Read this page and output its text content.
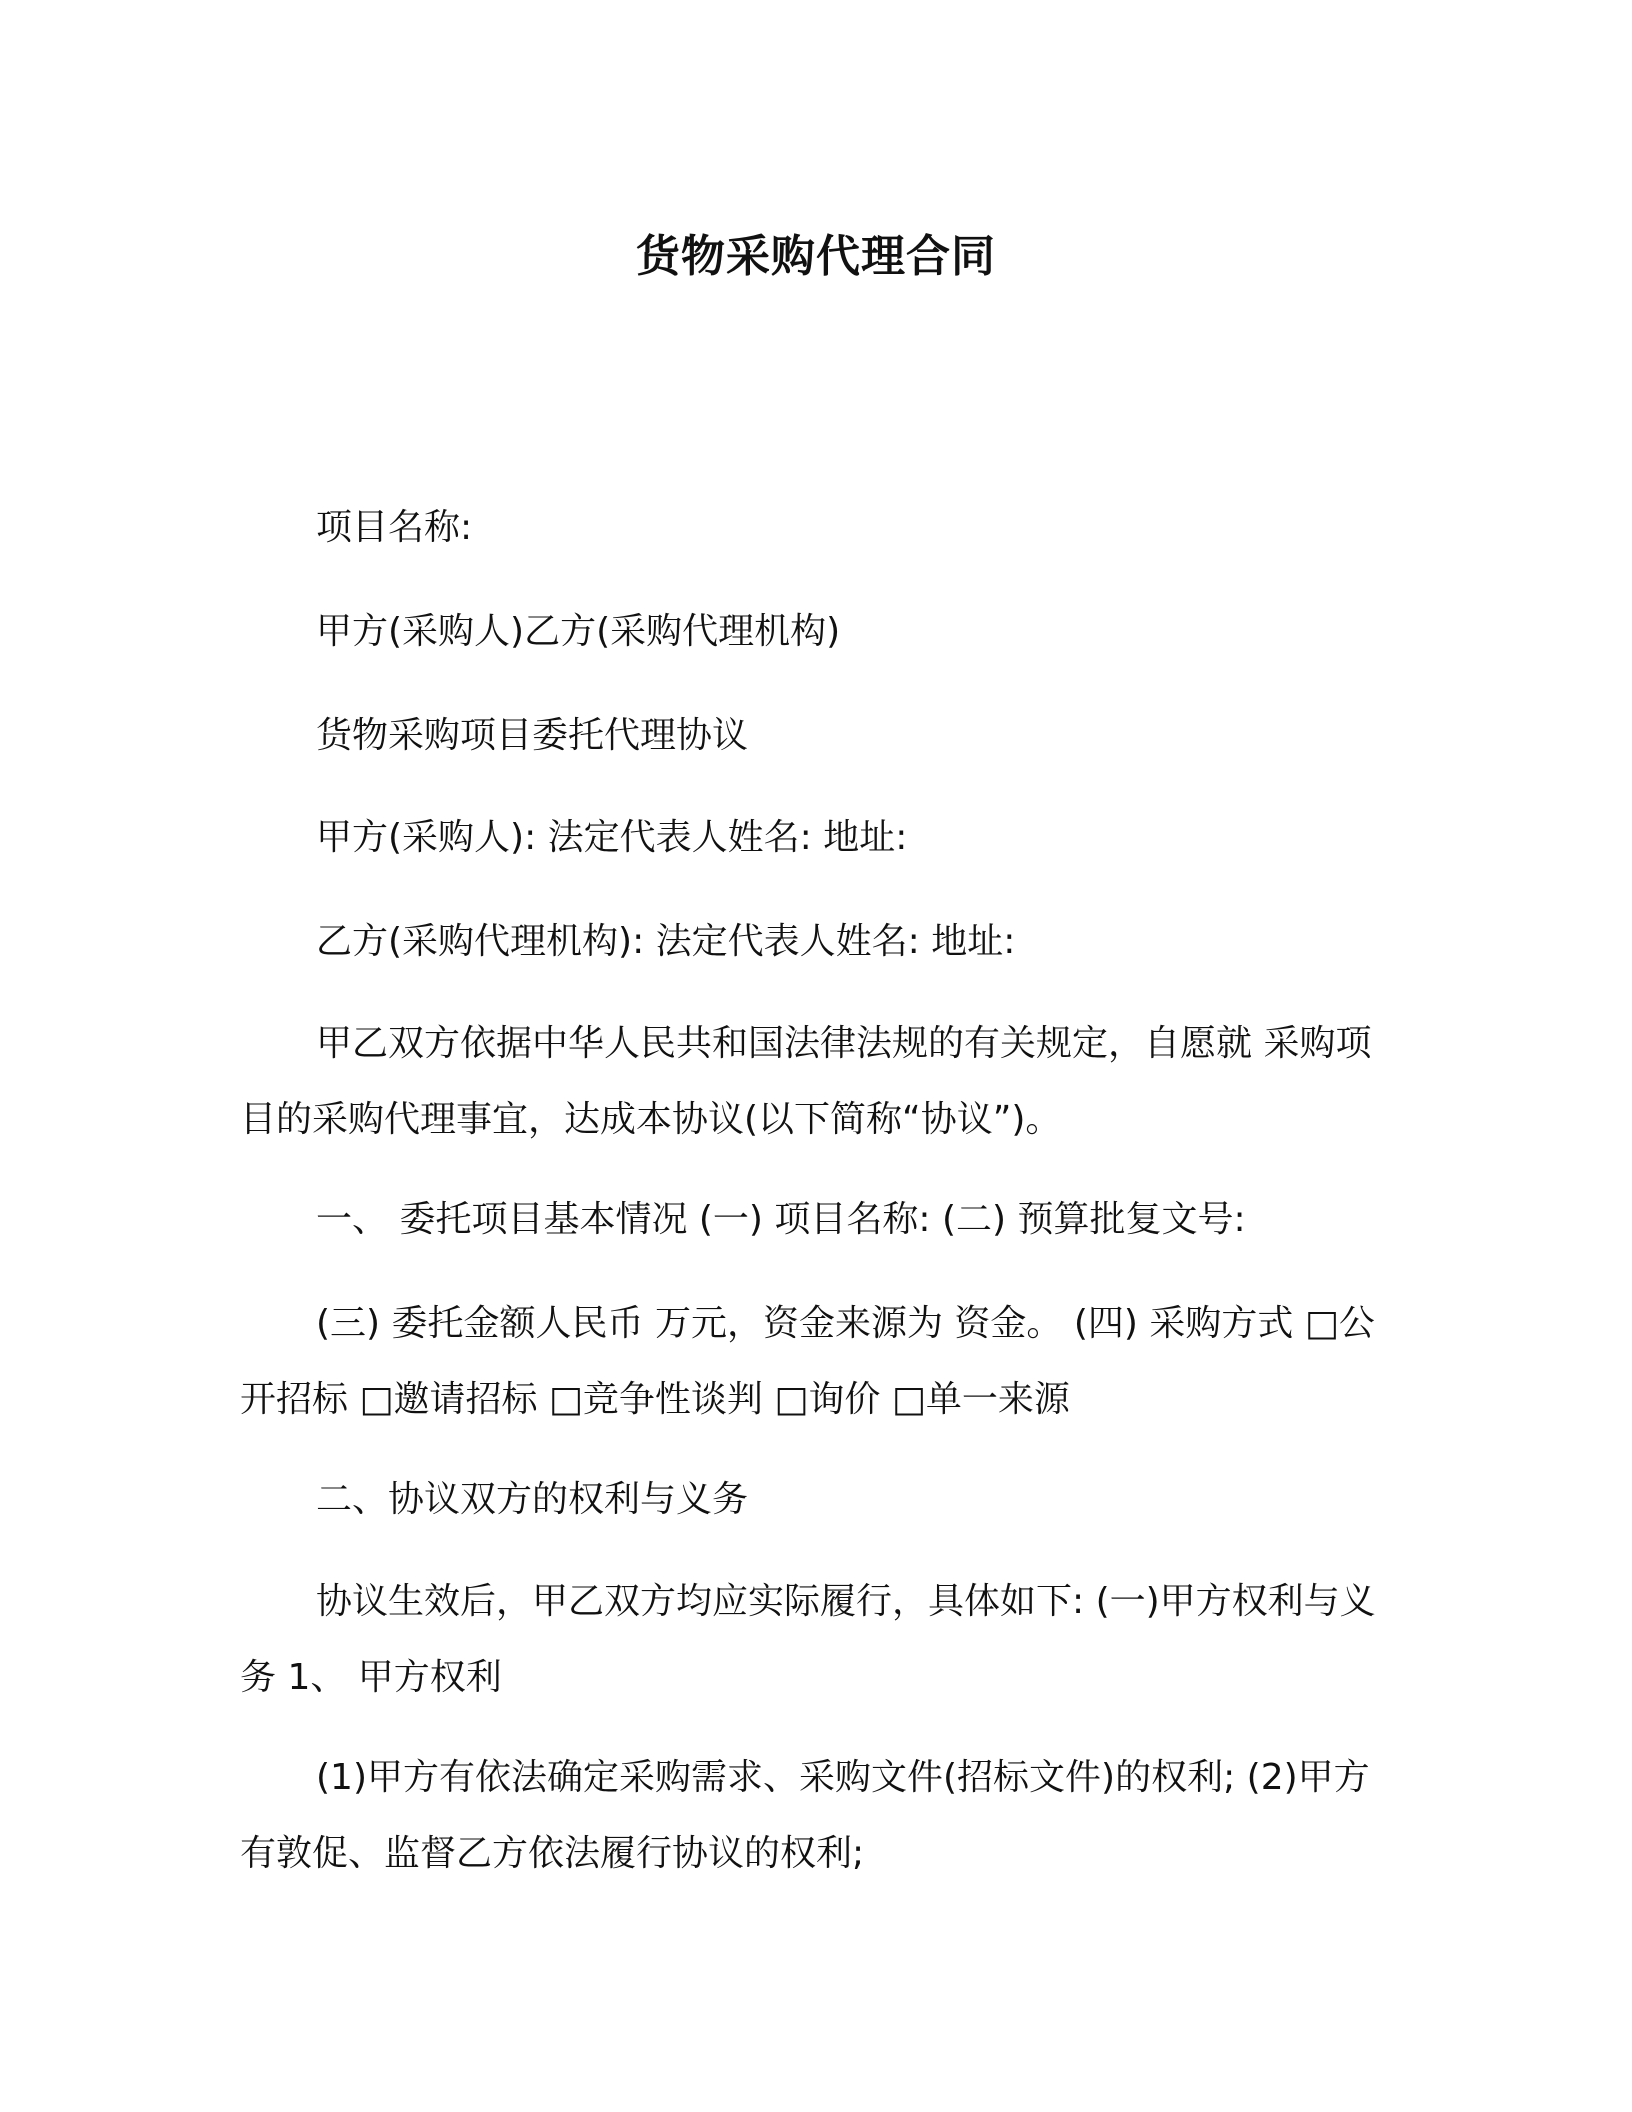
货物采购代理合同

项目名称:

甲方(采购人)乙方(采购代理机构)

货物采购项目委托代理协议

甲方(采购人): 法定代表人姓名: 地址:

乙方(采购代理机构): 法定代表人姓名: 地址:

甲乙双方依据中华人民共和国法律法规的有关规定，自愿就 采购项目的采购代理事宜，达成本协议(以下简称“协议”)。

一、 委托项目基本情况 (一) 项目名称: (二) 预算批复文号:

(三) 委托金额人民币 万元，资金来源为 资金。 (四) 采购方式 □公开招标 □邀请招标 □竞争性谈判 □询价 □单一来源

二、协议双方的权利与义务

协议生效后，甲乙双方均应实际履行，具体如下: (一)甲方权利与义务 1、 甲方权利

(1)甲方有依法确定采购需求、采购文件(招标文件)的权利; (2)甲方有敦促、监督乙方依法履行协议的权利;
